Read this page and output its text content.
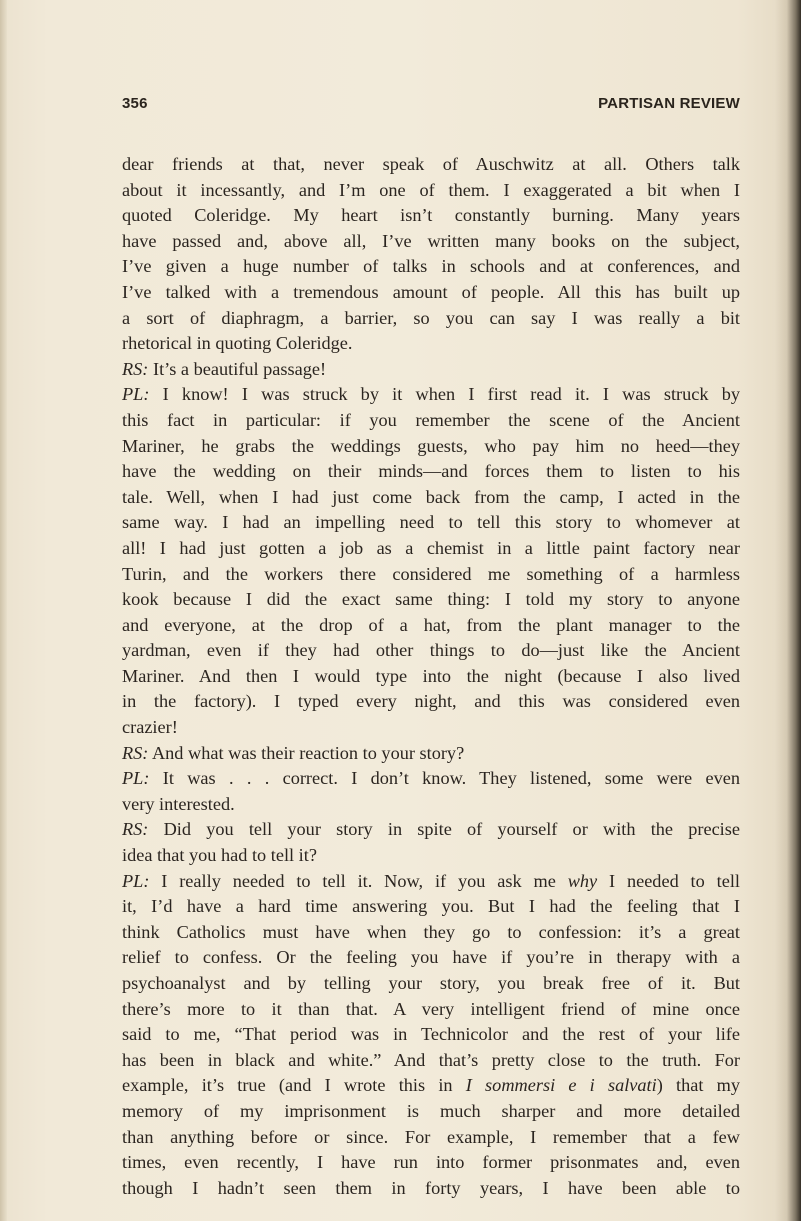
356	PARTISAN REVIEW
dear friends at that, never speak of Auschwitz at all. Others talk
about it incessantly, and I’m one of them. I exaggerated a bit when I
quoted Coleridge. My heart isn’t constantly burning. Many years
have passed and, above all, I’ve written many books on the subject,
I’ve given a huge number of talks in schools and at conferences, and
I’ve talked with a tremendous amount of people. All this has built up
a sort of diaphragm, a barrier, so you can say I was really a bit
rhetorical in quoting Coleridge.
RS: It’s a beautiful passage!
PL: I know! I was struck by it when I first read it. I was struck by
this fact in particular: if you remember the scene of the Ancient
Mariner, he grabs the weddings guests, who pay him no heed—they
have the wedding on their minds—and forces them to listen to his
tale. Well, when I had just come back from the camp, I acted in the
same way. I had an impelling need to tell this story to whomever at
all! I had just gotten a job as a chemist in a little paint factory near
Turin, and the workers there considered me something of a harmless
kook because I did the exact same thing: I told my story to anyone
and everyone, at the drop of a hat, from the plant manager to the
yardman, even if they had other things to do—just like the Ancient
Mariner. And then I would type into the night (because I also lived
in the factory). I typed every night, and this was considered even
crazier!
RS: And what was their reaction to your story?
PL: It was . . . correct. I don’t know. They listened, some were even
very interested.
RS: Did you tell your story in spite of yourself or with the precise
idea that you had to tell it?
PL: I really needed to tell it. Now, if you ask me why I needed to tell
it, I’d have a hard time answering you. But I had the feeling that I
think Catholics must have when they go to confession: it’s a great
relief to confess. Or the feeling you have if you’re in therapy with a
psychoanalyst and by telling your story, you break free of it. But
there’s more to it than that. A very intelligent friend of mine once
said to me, “That period was in Technicolor and the rest of your life
has been in black and white.” And that’s pretty close to the truth. For
example, it’s true (and I wrote this in I sommersi e i salvati) that my
memory of my imprisonment is much sharper and more detailed
than anything before or since. For example, I remember that a few
times, even recently, I have run into former prisonmates and, even
though I hadn’t seen them in forty years, I have been able to
